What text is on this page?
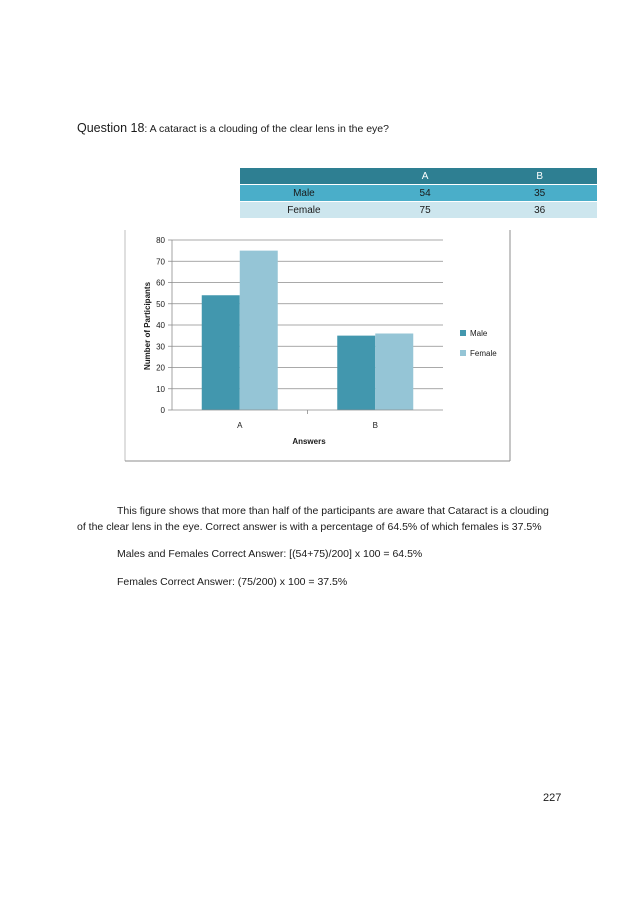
Question 18: A cataract is a clouding of the clear lens in the eye?
	A	B
Male	54	35
Female	75	36
0
10
20
30
40
50
60
70
80
A	B
Number of Participants
Answers
Male
Female
This figure shows that more than half of the participants are aware that Cataract is a clouding
of the clear lens in the eye. Correct answer is with a percentage of 64.5% of which females is 37.5%
Males and Females Correct Answer: [(54+75)/200] x 100 = 64.5%
Females Correct Answer: (75/200) x 100 = 37.5%
227
